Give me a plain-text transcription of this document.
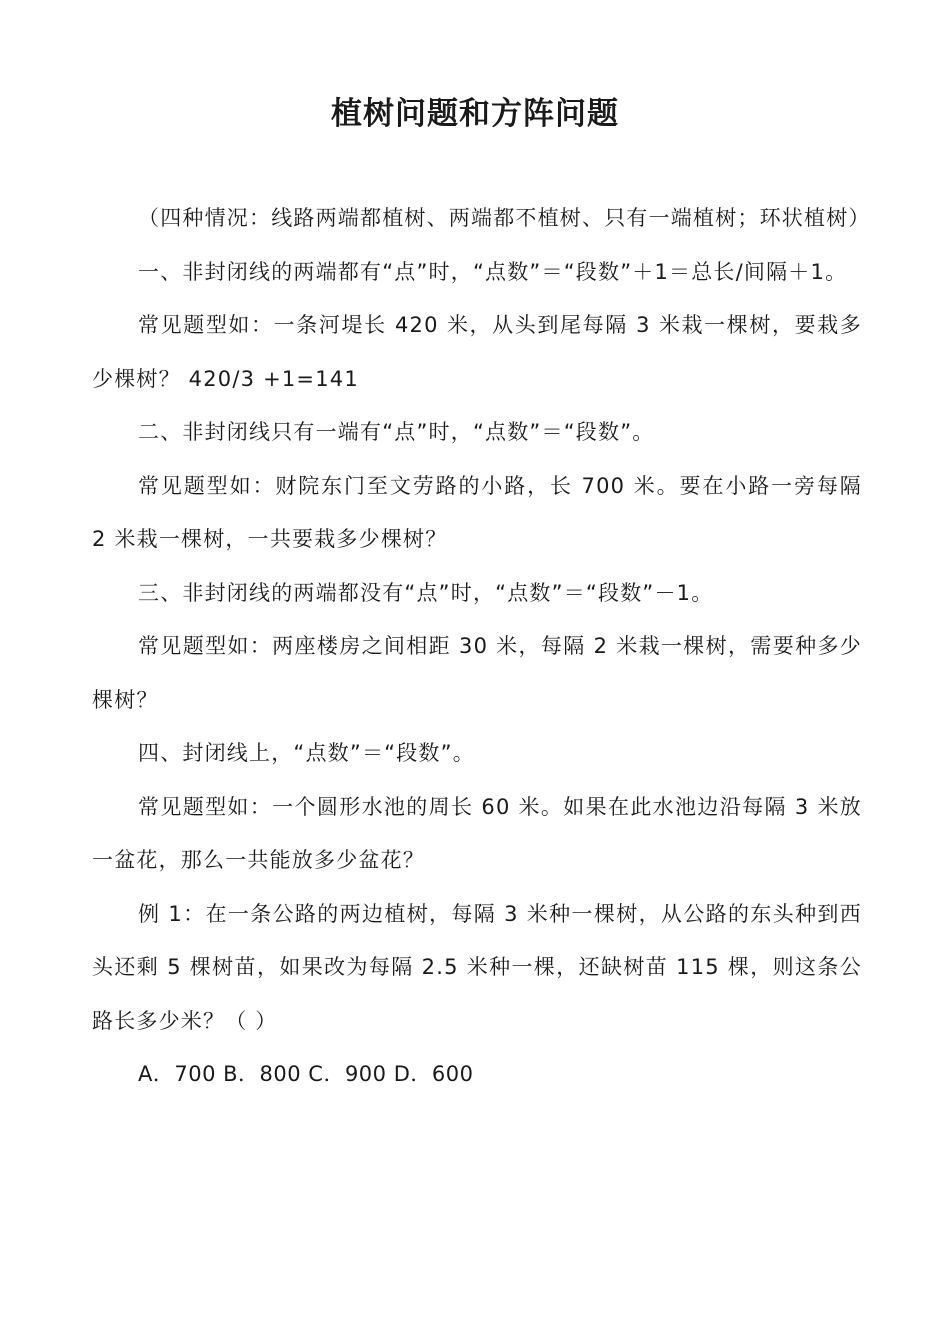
植树问题和方阵问题

（四种情况：线路两端都植树、两端都不植树、只有一端植树；环状植树）

一、非封闭线的两端都有“点”时，“点数”＝“段数”＋1＝总长/间隔＋1。

常见题型如：一条河堤长 420 米，从头到尾每隔 3 米栽一棵树，要栽多少棵树？ 420/3 +1=141

二、非封闭线只有一端有“点”时，“点数”＝“段数”。

常见题型如：财院东门至文劳路的小路，长 700 米。要在小路一旁每隔 2 米栽一棵树，一共要栽多少棵树？

三、非封闭线的两端都没有“点”时，“点数”＝“段数”－1。

常见题型如：两座楼房之间相距 30 米，每隔 2 米栽一棵树，需要种多少棵树？

四、封闭线上，“点数”＝“段数”。

常见题型如：一个圆形水池的周长 60 米。如果在此水池边沿每隔 3 米放一盆花，那么一共能放多少盆花？

例 1：在一条公路的两边植树，每隔 3 米种一棵树，从公路的东头种到西头还剩 5 棵树苗，如果改为每隔 2.5 米种一棵，还缺树苗 115 棵，则这条公路长多少米？（ ）

A．700 B．800 C．900 D．600
